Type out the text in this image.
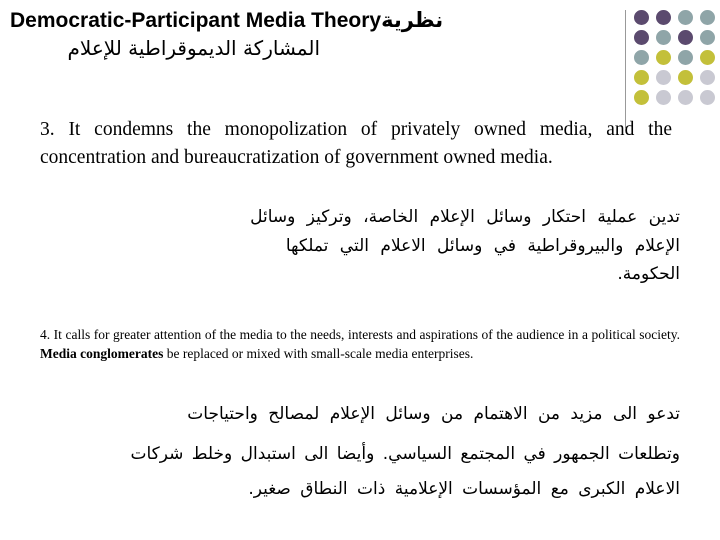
Democratic-Participant Media Theoryنظرية
المشاركة الديموقراطية للإعلام
3. It condemns the monopolization of privately owned media, and the concentration and bureaucratization of government owned media.
تدين عملية احتكار وسائل الإعلام الخاصة، وتركيز وسائل
الإعلام والبيروقراطية في وسائل الاعلام التي تملكها
الحكومة.
4. It calls for greater attention of the media to the needs, interests and aspirations of the audience in a political society. Media conglomerates be replaced or mixed with small-scale media enterprises.
تدعو الى مزيد من الاهتمام من وسائل الإعلام لمصالح واحتياجات
وتطلعات الجمهور في المجتمع السياسي. وأيضا الى استبدال وخلط شركات
الاعلام الكبرى مع المؤسسات الإعلامية ذات النطاق صغير.
